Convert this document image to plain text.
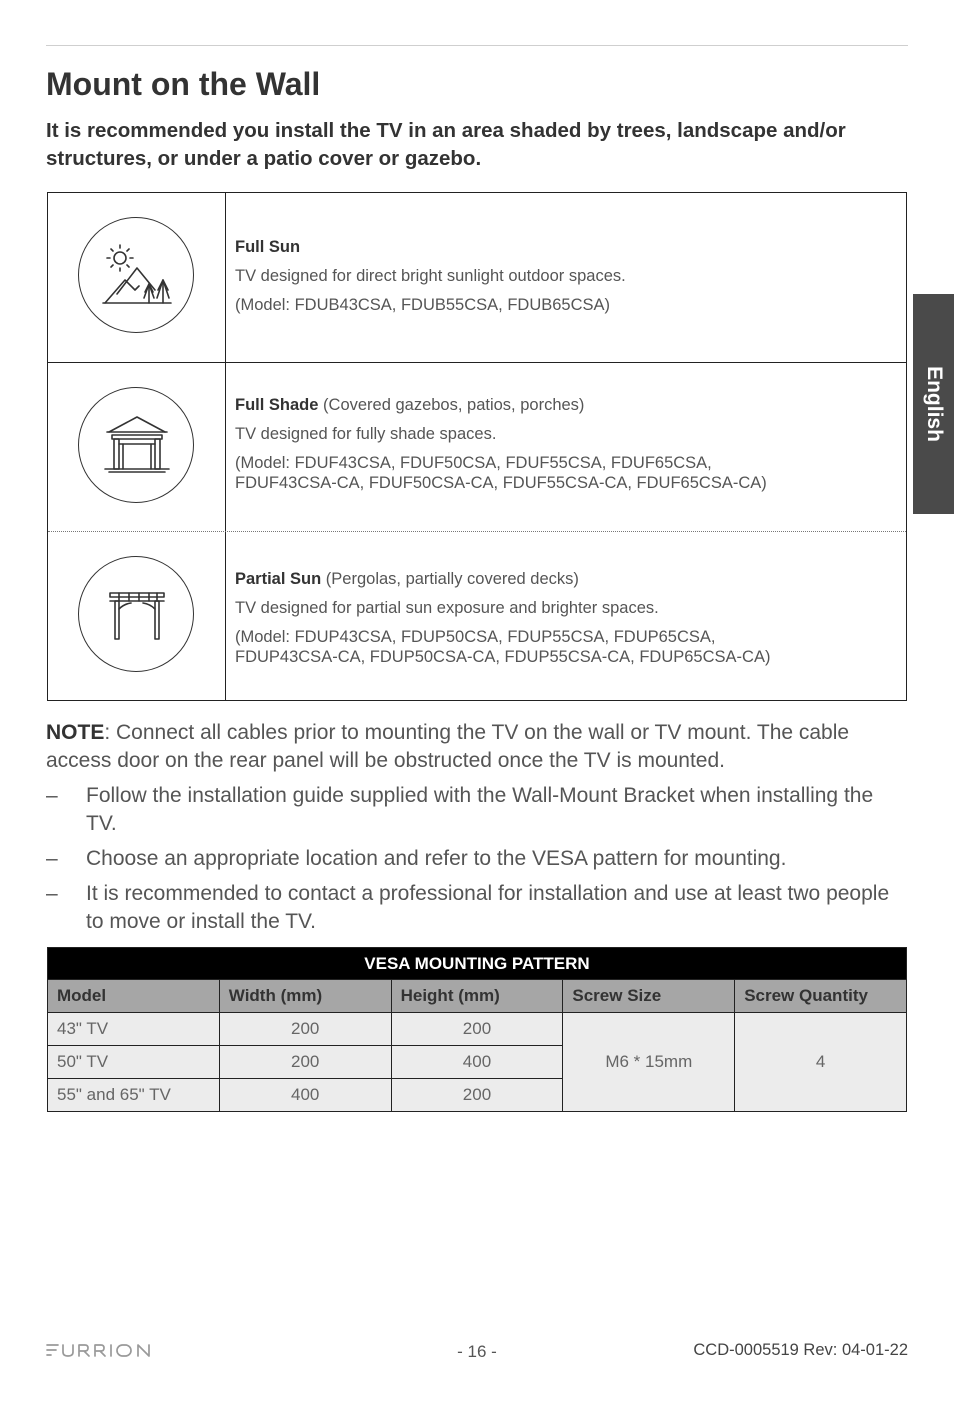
Mount on the Wall

It is recommended you install the TV in an area shaded by trees, landscape and/or structures, or under a patio cover or gazebo.

Full Sun

TV designed for direct bright sunlight outdoor spaces.

(Model: FDUB43CSA, FDUB55CSA, FDUB65CSA)

Full Shade (Covered gazebos, patios, porches)

TV designed for fully shade spaces.

(Model: FDUF43CSA, FDUF50CSA, FDUF55CSA, FDUF65CSA,
FDUF43CSA-CA, FDUF50CSA-CA, FDUF55CSA-CA, FDUF65CSA-CA)

Partial Sun (Pergolas, partially covered decks)

TV designed for partial sun exposure and brighter spaces.

(Model: FDUP43CSA, FDUP50CSA, FDUP55CSA, FDUP65CSA,
FDUP43CSA-CA, FDUP50CSA-CA, FDUP55CSA-CA, FDUP65CSA-CA)

NOTE: Connect all cables prior to mounting the TV on the wall or TV mount. The cable access door on the rear panel will be obstructed once the TV is mounted.

– Follow the installation guide supplied with the Wall-Mount Bracket when installing the TV.
– Choose an appropriate location and refer to the VESA pattern for mounting.
– It is recommended to contact a professional for installation and use at least two people to move or install the TV.
VESA MOUNTING PATTERN				
Model	Width (mm)	Height (mm)	Screw Size	Screw Quantity
43" TV	200	200	M6 * 15mm	4
50" TV	200	400		
55" and 65" TV	400	200		
- 16 -	CCD-0005519 Rev: 04-01-22
English
